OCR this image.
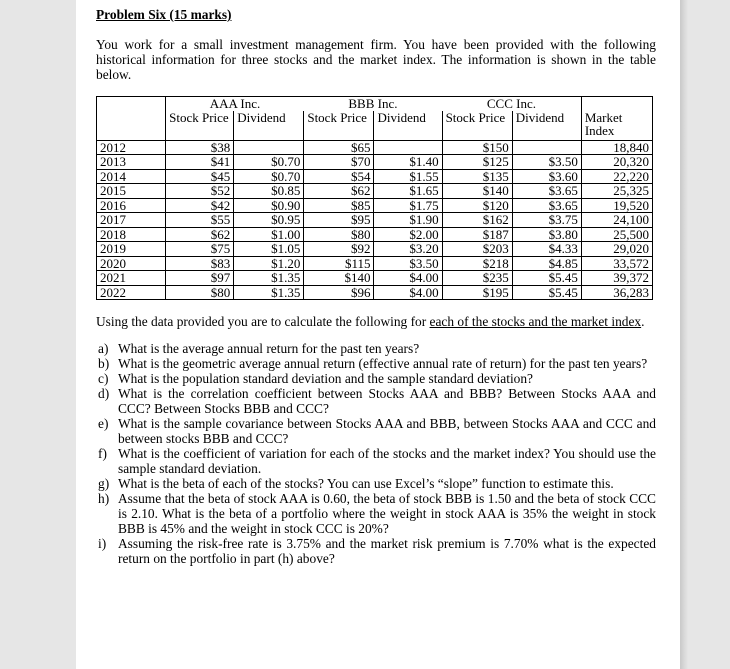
Problem Six (15 marks)
You work for a small investment management firm. You have been provided with the following historical information for three stocks and the market index. The information is shown in the table below.
	AAA Inc.		BBB Inc.		CCC Inc.		
	Stock Price	Dividend	Stock Price	Dividend	Stock Price	Dividend	Market Index
2012	$38		$65		$150		18,840
2013	$41	$0.70	$70	$1.40	$125	$3.50	20,320
2014	$45	$0.70	$54	$1.55	$135	$3.60	22,220
2015	$52	$0.85	$62	$1.65	$140	$3.65	25,325
2016	$42	$0.90	$85	$1.75	$120	$3.65	19,520
2017	$55	$0.95	$95	$1.90	$162	$3.75	24,100
2018	$62	$1.00	$80	$2.00	$187	$3.80	25,500
2019	$75	$1.05	$92	$3.20	$203	$4.33	29,020
2020	$83	$1.20	$115	$3.50	$218	$4.85	33,572
2021	$97	$1.35	$140	$4.00	$235	$5.45	39,372
2022	$80	$1.35	$96	$4.00	$195	$5.45	36,283
Using the data provided you are to calculate the following for each of the stocks and the market index.
a) What is the average annual return for the past ten years?
b) What is the geometric average annual return (effective annual rate of return) for the past ten years?
c) What is the population standard deviation and the sample standard deviation?
d) What is the correlation coefficient between Stocks AAA and BBB? Between Stocks AAA and CCC? Between Stocks BBB and CCC?
e) What is the sample covariance between Stocks AAA and BBB, between Stocks AAA and CCC and between stocks BBB and CCC?
f) What is the coefficient of variation for each of the stocks and the market index? You should use the sample standard deviation.
g) What is the beta of each of the stocks? You can use Excel’s “slope” function to estimate this.
h) Assume that the beta of stock AAA is 0.60, the beta of stock BBB is 1.50 and the beta of stock CCC is 2.10. What is the beta of a portfolio where the weight in stock AAA is 35% the weight in stock BBB is 45% and the weight in stock CCC is 20%?
i) Assuming the risk-free rate is 3.75% and the market risk premium is 7.70% what is the expected return on the portfolio in part (h) above?
